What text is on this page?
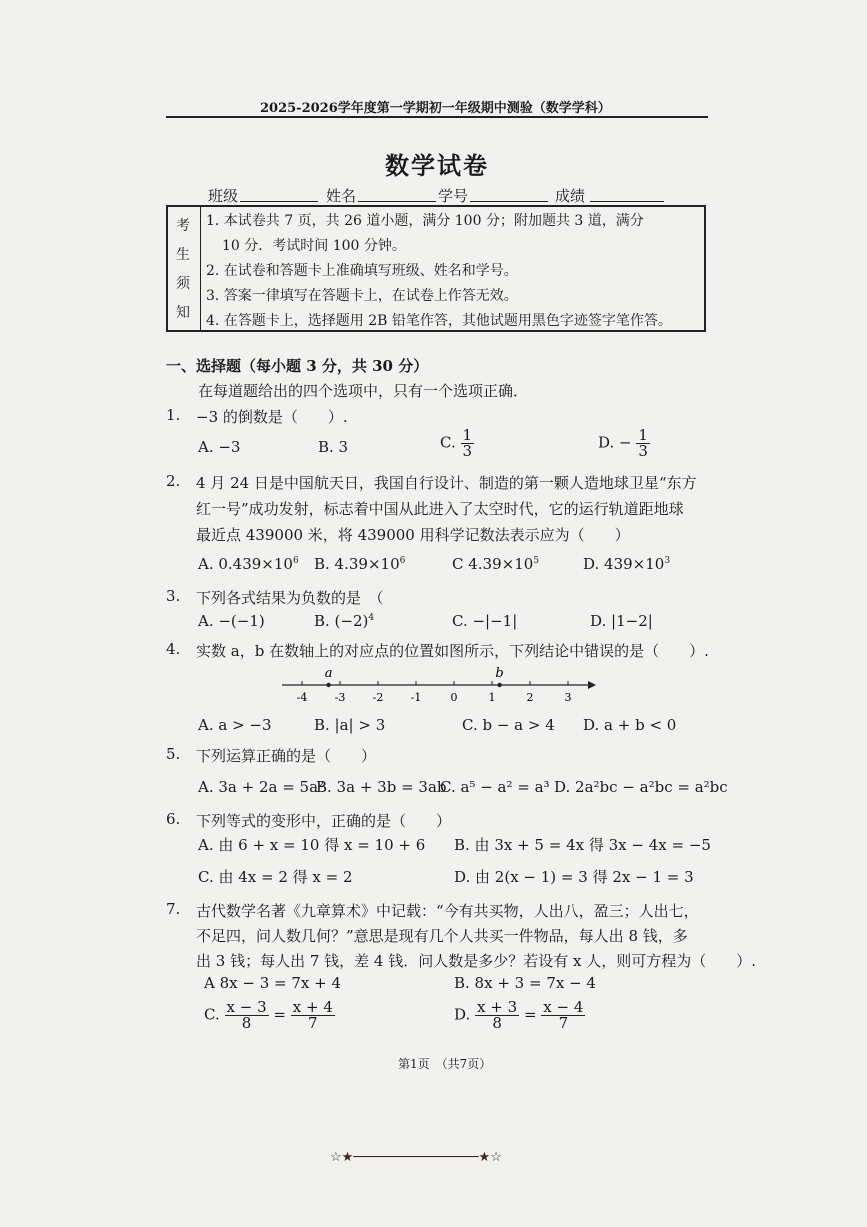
2025-2026学年度第一学期初一年级期中测验（数学学科）
数学试卷
班级	姓名	学号	成绩
考
生
须
知
1. 本试卷共 7 页，共 26 道小题，满分 100 分；附加题共 3 道，满分
10 分．考试时间 100 分钟。
2. 在试卷和答题卡上准确填写班级、姓名和学号。
3. 答案一律填写在答题卡上，在试卷上作答无效。
4. 在答题卡上，选择题用 2B 铅笔作答，其他试题用黑色字迹签字笔作答。
一、选择题（每小题 3 分，共 30 分）
在每道题给出的四个选项中，只有一个选项正确．
1. −3 的倒数是（　　）.
A. −3	B. 3	C. $\frac{1}{3}$	D. − $\frac{1}{3}$
2. 4 月 24 日是中国航天日，我国自行设计、制造的第一颗人造地球卫星“东方
红一号”成功发射，标志着中国从此进入了太空时代，它的运行轨道距地球
最近点 439000 米，将 439000 用科学记数法表示应为（　　）
A. $0.439\times 10^6$ B. $4.39\times 10^6$	C $4.39\times 10^5$	D. $439\times 10^3$
3. 下列各式结果为负数的是　（
A. −(−1)	B. $(-2)^4$	C. −|−1|	D. |1−2|
4. 实数 a，b 在数轴上的对应点的位置如图所示，下列结论中错误的是（　　）.
-4 -3 -2 -1	0	1	2	3
a	b
A. a > −3	B. |a| > 3	C. b − a > 4 D. a + b < 0
5. 下列运算正确的是（　　）
A. 3a + 2a = 5a²
B. 3a + 3b = 3ab
C. a⁵ − a² = a³ D. 2a²bc − a²bc = a²bc
6. 下列等式的变形中，正确的是（　　）
A. 由 6 + x = 10 得 x = 10 + 6 B. 由 3x + 5 = 4x 得 3x − 4x = −5
C. 由 4x = 2 得 x = 2	D. 由 2(x − 1) = 3 得 2x − 1 = 3
7. 古代数学名著《九章算术》中记载：“今有共买物，人出八，盈三；人出七，
不足四，问人数几何？”意思是现有几个人共买一件物品，每人出 8 钱，多
出 3 钱；每人出 7 钱，差 4 钱．问人数是多少？若设有 x 人，则可方程为（　　）.
A 8x − 3 = 7x + 4	B. 8x + 3 = 7x − 4
C. $\frac{x - 3}{8} = \frac{x + 4}{7}$	D. $\frac{x + 3}{8} = \frac{x - 4}{7}$
第1页　（共7页）
☆★────────────────★☆
